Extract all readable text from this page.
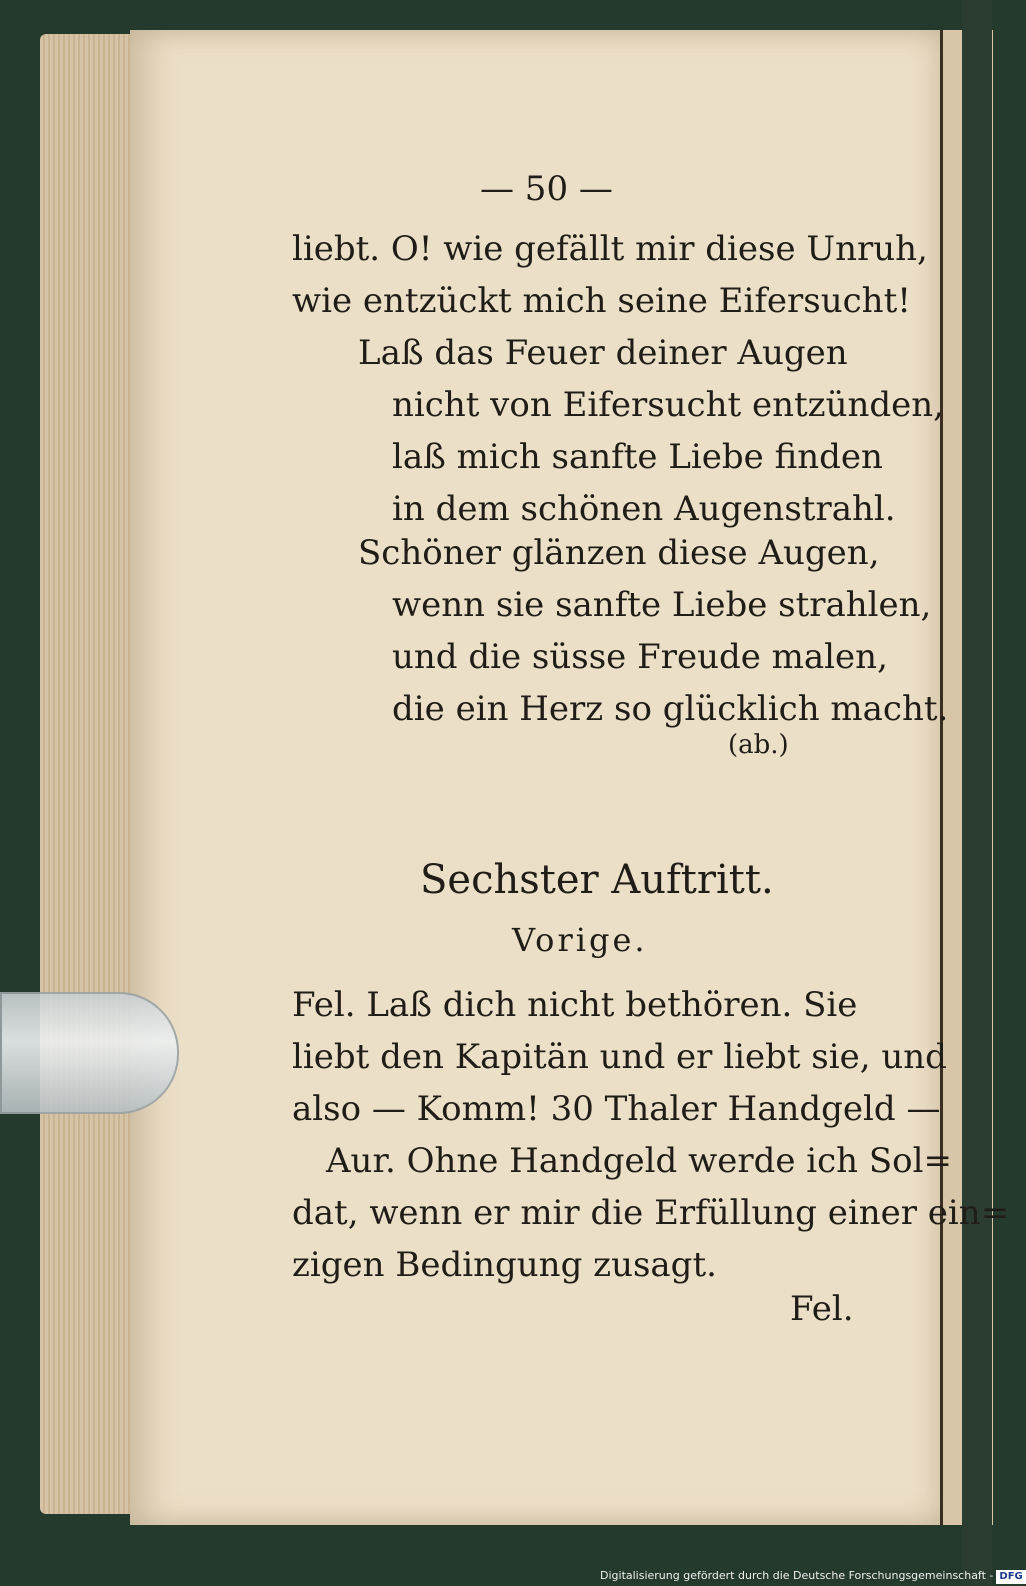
— 50 —
liebt. O! wie gefällt mir diese Unruh,
wie entzückt mich seine Eifersucht!
Laß das Feuer deiner Augen
nicht von Eifersucht entzünden,
laß mich sanfte Liebe finden
in dem schönen Augenstrahl.
Schöner glänzen diese Augen,
wenn sie sanfte Liebe strahlen,
und die süsse Freude malen,
die ein Herz so glücklich macht.
(ab.)
Sechster Auftritt.
Vorige.
Fel. Laß dich nicht bethören. Sie
liebt den Kapitän und er liebt sie, und
also — Komm! 30 Thaler Handgeld —
Aur. Ohne Handgeld werde ich Sol=
dat, wenn er mir die Erfüllung einer ein=
zigen Bedingung zusagt.
Fel.
Digitalisierung gefördert durch die Deutsche Forschungsgemeinschaft - DFG
